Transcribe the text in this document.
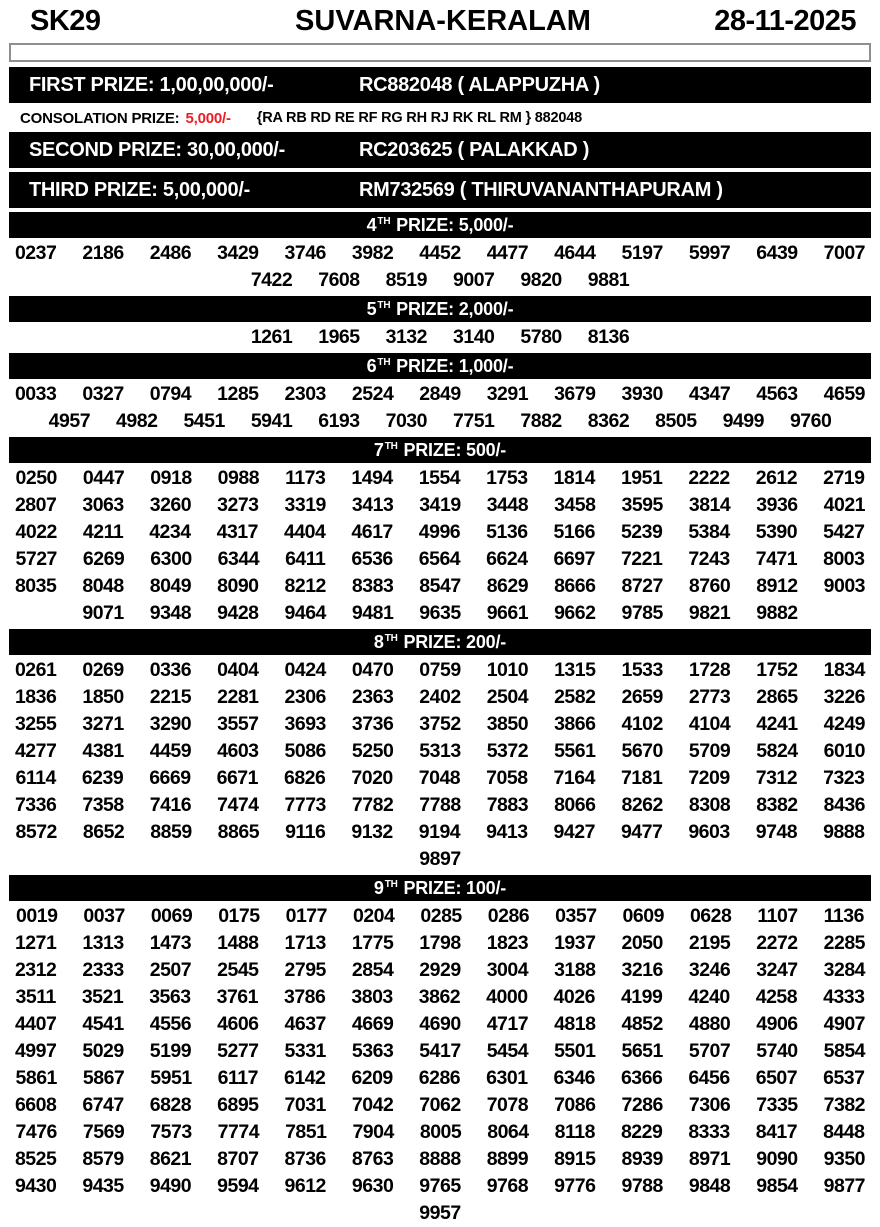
SK29	SUVARNA-KERALAM	28-11-2025
FIRST PRIZE: 1,00,00,000/-	RC882048 ( ALAPPUZHA )
CONSOLATION PRIZE: 5,000/- {RA RB RD RE RF RG RH RJ RK RL RM } 882048
SECOND PRIZE: 30,00,000/-	RC203625 ( PALAKKAD )
THIRD PRIZE: 5,00,000/-	RM732569 ( THIRUVANANTHAPURAM )
4 TH PRIZE: 5,000/-
0237 2186 2486 3429 3746 3982 4452 4477 4644 5197 5997 6439 7007
7422 7608 8519 9007 9820 9881
5 TH PRIZE: 2,000/-
1261 1965 3132 3140 5780 8136
6 TH PRIZE: 1,000/-
0033 0327 0794 1285 2303 2524 2849 3291 3679 3930 4347 4563 4659
4957 4982 5451 5941 6193 7030 7751 7882 8362 8505 9499 9760
7 TH PRIZE: 500/-
0250 0447 0918 0988 1173 1494 1554 1753 1814 1951 2222 2612 2719
2807 3063 3260 3273 3319 3413 3419 3448 3458 3595 3814 3936 4021
4022 4211 4234 4317 4404 4617 4996 5136 5166 5239 5384 5390 5427
5727 6269 6300 6344 6411 6536 6564 6624 6697 7221 7243 7471 8003
8035 8048 8049 8090 8212 8383 8547 8629 8666 8727 8760 8912 9003
9071 9348 9428 9464 9481 9635 9661 9662 9785 9821 9882
8 TH PRIZE: 200/-
0261 0269 0336 0404 0424 0470 0759 1010 1315 1533 1728 1752 1834
1836 1850 2215 2281 2306 2363 2402 2504 2582 2659 2773 2865 3226
3255 3271 3290 3557 3693 3736 3752 3850 3866 4102 4104 4241 4249
4277 4381 4459 4603 5086 5250 5313 5372 5561 5670 5709 5824 6010
6114 6239 6669 6671 6826 7020 7048 7058 7164 7181 7209 7312 7323
7336 7358 7416 7474 7773 7782 7788 7883 8066 8262 8308 8382 8436
8572 8652 8859 8865 9116 9132 9194 9413 9427 9477 9603 9748 9888
9897
9 TH PRIZE: 100/-
0019 0037 0069 0175 0177 0204 0285 0286 0357 0609 0628 1107 1136
1271 1313 1473 1488 1713 1775 1798 1823 1937 2050 2195 2272 2285
2312 2333 2507 2545 2795 2854 2929 3004 3188 3216 3246 3247 3284
3511 3521 3563 3761 3786 3803 3862 4000 4026 4199 4240 4258 4333
4407 4541 4556 4606 4637 4669 4690 4717 4818 4852 4880 4906 4907
4997 5029 5199 5277 5331 5363 5417 5454 5501 5651 5707 5740 5854
5861 5867 5951 6117 6142 6209 6286 6301 6346 6366 6456 6507 6537
6608 6747 6828 6895 7031 7042 7062 7078 7086 7286 7306 7335 7382
7476 7569 7573 7774 7851 7904 8005 8064 8118 8229 8333 8417 8448
8525 8579 8621 8707 8736 8763 8888 8899 8915 8939 8971 9090 9350
9430 9435 9490 9594 9612 9630 9765 9768 9776 9788 9848 9854 9877
9957
